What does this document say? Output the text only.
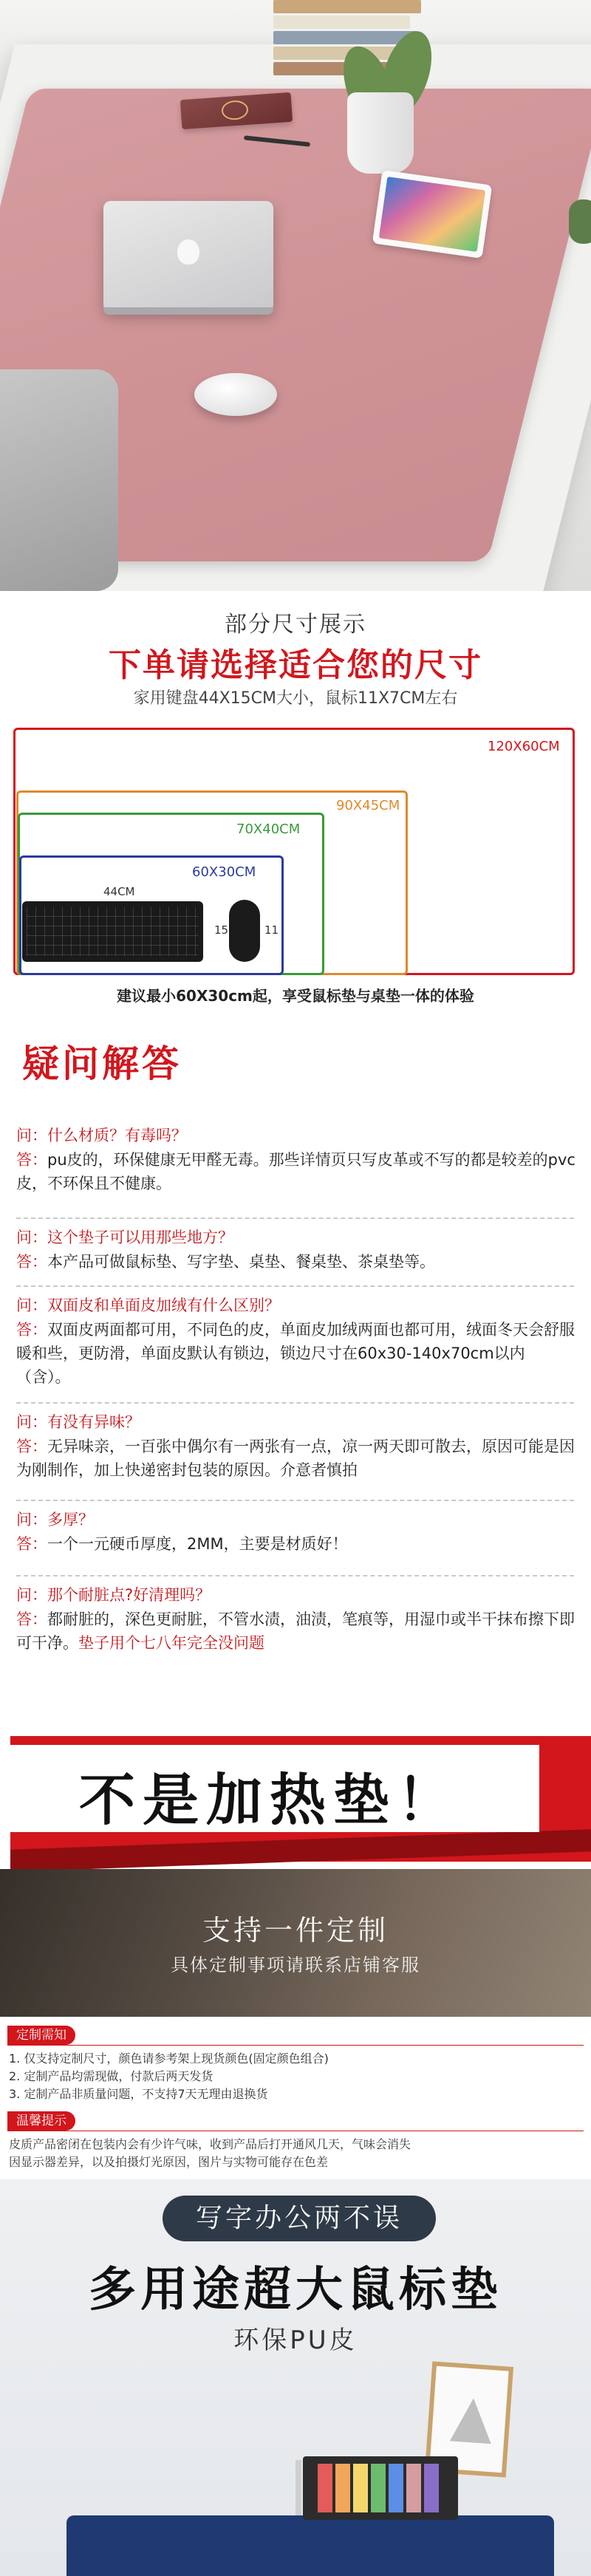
部分尺寸展示
下单请选择适合您的尺寸
家用键盘44X15CM大小，鼠标11X7CM左右
120X60CM
90X45CM
70X40CM
60X30CM
44CM
15	11
建议最小60X30cm起，享受鼠标垫与桌垫一体的体验
疑问解答
问：什么材质？有毒吗？
答：pu皮的，环保健康无甲醛无毒。那些详情页只写皮革或不写的都是较差的pvc皮，不环保且不健康。
问：这个垫子可以用那些地方？
答：本产品可做鼠标垫、写字垫、桌垫、餐桌垫、茶桌垫等。
问：双面皮和单面皮加绒有什么区别？
答：双面皮两面都可用，不同色的皮，单面皮加绒两面也都可用，绒面冬天会舒服暖和些，更防滑，单面皮默认有锁边，锁边尺寸在60x30-140x70cm以内（含）。
问：有没有异味？
答：无异味亲，一百张中偶尔有一两张有一点，凉一两天即可散去，原因可能是因为刚制作，加上快递密封包装的原因。介意者慎拍
问：多厚？
答：一个一元硬币厚度，2MM，主要是材质好！
问：那个耐脏点?好清理吗？
答：都耐脏的，深色更耐脏，不管水渍，油渍，笔痕等，用湿巾或半干抹布擦下即可干净。垫子用个七八年完全没问题
不是加热垫！
支持一件定制
具体定制事项请联系店铺客服
定制需知
1. 仅支持定制尺寸，颜色请参考架上现货颜色(固定颜色组合)
2. 定制产品均需现做，付款后两天发货
3. 定制产品非质量问题，不支持7天无理由退换货
温馨提示
皮质产品密闭在包装内会有少许气味，收到产品后打开通风几天，气味会消失
因显示器差异，以及拍摄灯光原因，图片与实物可能存在色差
写字办公两不误
多用途超大鼠标垫
环保PU皮
